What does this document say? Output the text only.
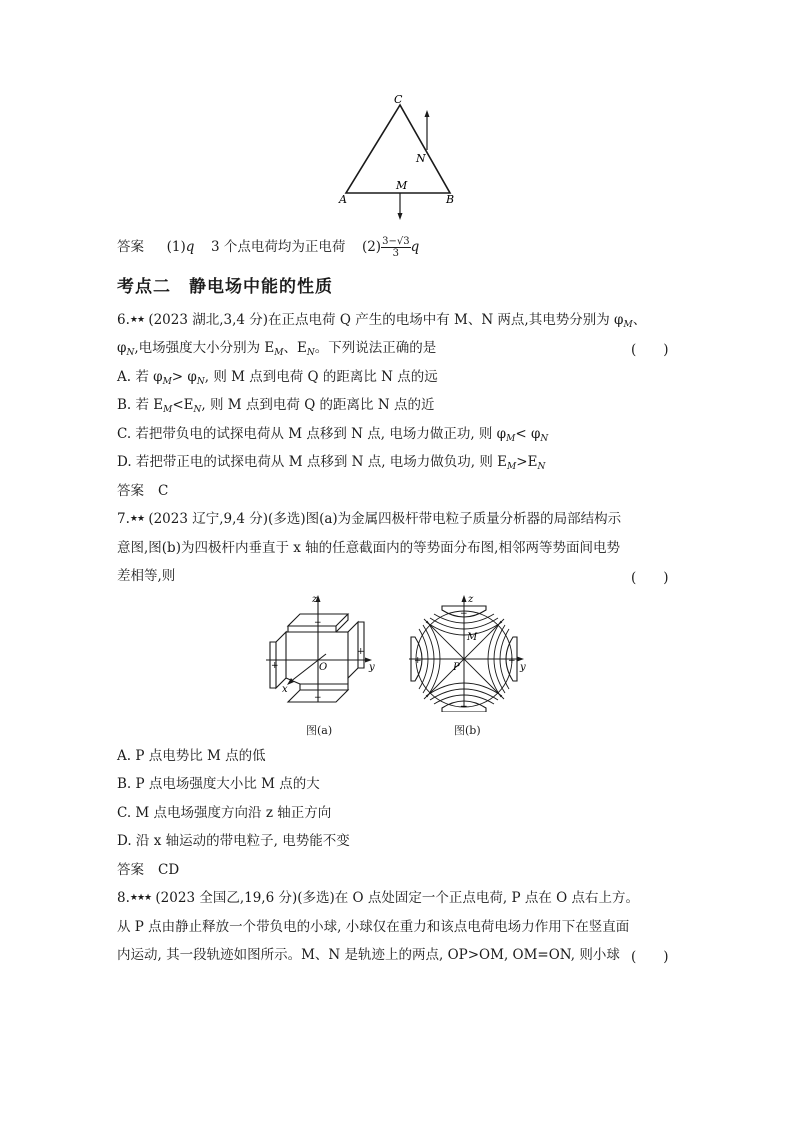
C
N
M
A	B
答案 (1)q 3 个点电荷均为正电荷 $(2) \frac{3-√3}{3}$ q
考点二　静电场中能的性质
6.★★ (2023 湖北,3,4 分)在正点电荷 Q 产生的电场中有 M、N 两点,其电势分别为 $\varphi_M$、
$\varphi_N$,电场强度大小分别为 $E_M$、$E_N$。下列说法正确的是	(　　)
A. 若 $\varphi_M> \varphi_N$, 则 M 点到电荷 Q 的距离比 N 点的远
B. 若 $E_M<E_N$, 则 M 点到电荷 Q 的距离比 N 点的近
C. 若把带负电的试探电荷从 M 点移到 N 点, 电场力做正功, 则 $\varphi_M< \varphi_N$
D. 若把带正电的试探电荷从 M 点移到 N 点, 电场力做负功, 则 $E_M>E_N$
答案 C
7.★★ (2023 辽宁,9,4 分)(多选)图(a)为金属四极杆带电粒子质量分析器的局部结构示
意图,图(b)为四极杆内垂直于 x 轴的任意截面内的等势面分布图,相邻两等势面间电势
差相等,则	(　　)
+
+
−
−
z
y
x
O
图(a)
+	+
−
−
z
y
M
P
图(b)
A. P 点电势比 M 点的低
B. P 点电场强度大小比 M 点的大
C. M 点电场强度方向沿 z 轴正方向
D. 沿 x 轴运动的带电粒子, 电势能不变
答案 CD
8.★★★ (2023 全国乙,19,6 分)(多选)在 O 点处固定一个正点电荷, P 点在 O 点右上方。
从 P 点由静止释放一个带负电的小球, 小球仅在重力和该点电荷电场力作用下在竖直面
内运动, 其一段轨迹如图所示。M、N 是轨迹上的两点, OP>OM, OM=ON, 则小球 (　　)
